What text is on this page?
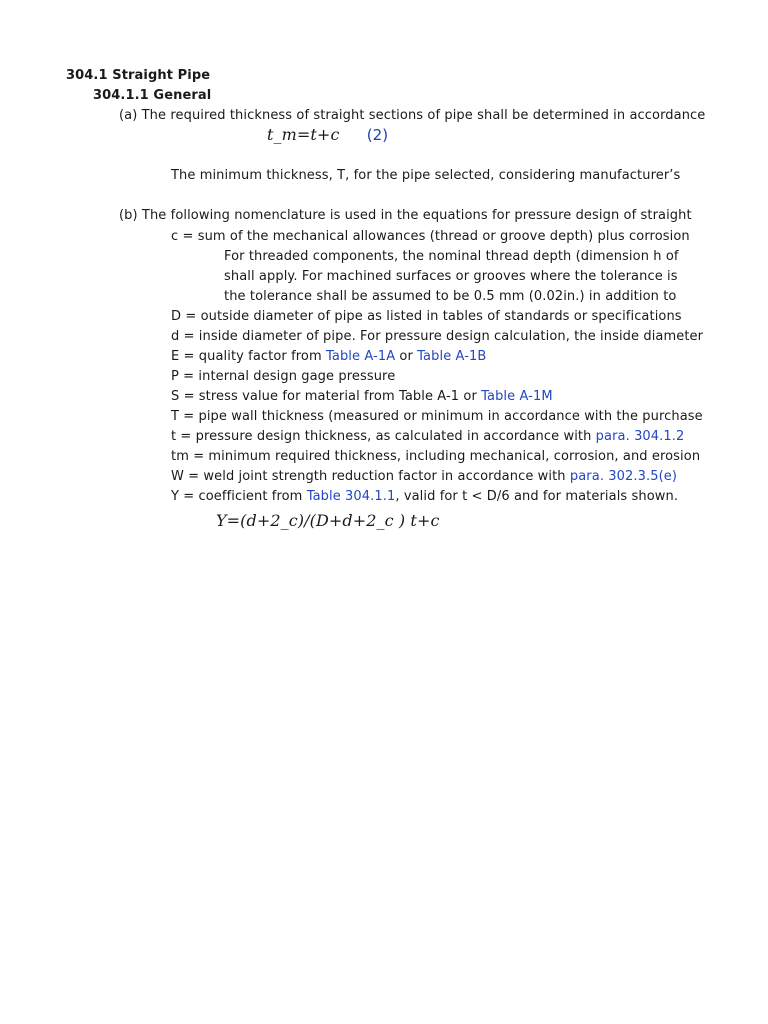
304.1 Straight Pipe
304.1.1 General
(a) The required thickness of straight sections of pipe shall be determined in accordance
t_m=t+c (2)
The minimum thickness, T, for the pipe selected, considering manufacturer’s
(b) The following nomenclature is used in the equations for pressure design of straight
c = sum of the mechanical allowances (thread or groove depth) plus corrosion
For threaded components, the nominal thread depth (dimension h of
shall apply. For machined surfaces or grooves where the tolerance is
the tolerance shall be assumed to be 0.5 mm (0.02in.) in addition to
D = outside diameter of pipe as listed in tables of standards or specifications
d = inside diameter of pipe. For pressure design calculation, the inside diameter
E = quality factor from Table A-1A or Table A-1B
P = internal design gage pressure
S = stress value for material from Table A-1 or Table A-1M
T = pipe wall thickness (measured or minimum in accordance with the purchase
t = pressure design thickness, as calculated in accordance with para. 304.1.2
tm = minimum required thickness, including mechanical, corrosion, and erosion
W = weld joint strength reduction factor in accordance with para. 302.3.5(e)
Y = coefficient from Table 304.1.1, valid for t < D/6 and for materials shown.
Y=(d+2_c)/(D+d+2_c ) t+c
